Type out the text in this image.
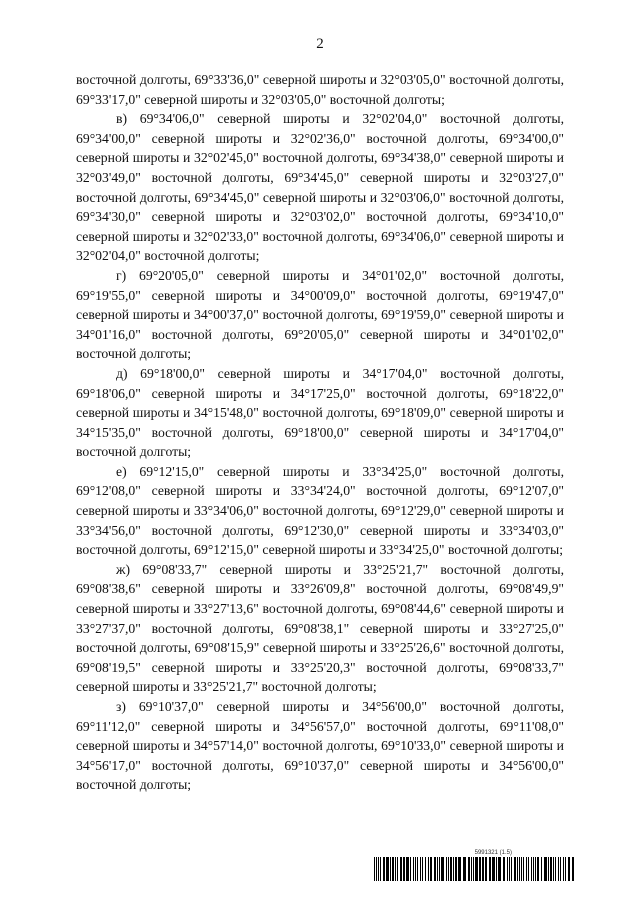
2

восточной долготы, 69°33'36,0" северной широты и 32°03'05,0" восточной долготы, 69°33'17,0" северной широты и 32°03'05,0" восточной долготы;

в) 69°34'06,0" северной широты и 32°02'04,0" восточной долготы, 69°34'00,0" северной широты и 32°02'36,0" восточной долготы, 69°34'00,0" северной широты и 32°02'45,0" восточной долготы, 69°34'38,0" северной широты и 32°03'49,0" восточной долготы, 69°34'45,0" северной широты и 32°03'27,0" восточной долготы, 69°34'45,0" северной широты и 32°03'06,0" восточной долготы, 69°34'30,0" северной широты и 32°03'02,0" восточной долготы, 69°34'10,0" северной широты и 32°02'33,0" восточной долготы, 69°34'06,0" северной широты и 32°02'04,0" восточной долготы;

г) 69°20'05,0" северной широты и 34°01'02,0" восточной долготы, 69°19'55,0" северной широты и 34°00'09,0" восточной долготы, 69°19'47,0" северной широты и 34°00'37,0" восточной долготы, 69°19'59,0" северной широты и 34°01'16,0" восточной долготы, 69°20'05,0" северной широты и 34°01'02,0" восточной долготы;

д) 69°18'00,0" северной широты и 34°17'04,0" восточной долготы, 69°18'06,0" северной широты и 34°17'25,0" восточной долготы, 69°18'22,0" северной широты и 34°15'48,0" восточной долготы, 69°18'09,0" северной широты и 34°15'35,0" восточной долготы, 69°18'00,0" северной широты и 34°17'04,0" восточной долготы;

е) 69°12'15,0" северной широты и 33°34'25,0" восточной долготы, 69°12'08,0" северной широты и 33°34'24,0" восточной долготы, 69°12'07,0" северной широты и 33°34'06,0" восточной долготы, 69°12'29,0" северной широты и 33°34'56,0" восточной долготы, 69°12'30,0" северной широты и 33°34'03,0" восточной долготы, 69°12'15,0" северной широты и 33°34'25,0" восточной долготы;

ж) 69°08'33,7" северной широты и 33°25'21,7" восточной долготы, 69°08'38,6" северной широты и 33°26'09,8" восточной долготы, 69°08'49,9" северной широты и 33°27'13,6" восточной долготы, 69°08'44,6" северной широты и 33°27'37,0" восточной долготы, 69°08'38,1" северной широты и 33°27'25,0" восточной долготы, 69°08'15,9" северной широты и 33°25'26,6" восточной долготы, 69°08'19,5" северной широты и 33°25'20,3" восточной долготы, 69°08'33,7" северной широты и 33°25'21,7" восточной долготы;

з) 69°10'37,0" северной широты и 34°56'00,0" восточной долготы, 69°11'12,0" северной широты и 34°56'57,0" восточной долготы, 69°11'08,0" северной широты и 34°57'14,0" восточной долготы, 69°10'33,0" северной широты и 34°56'17,0" восточной долготы, 69°10'37,0" северной широты и 34°56'00,0" восточной долготы;

5991321 (1.5)
